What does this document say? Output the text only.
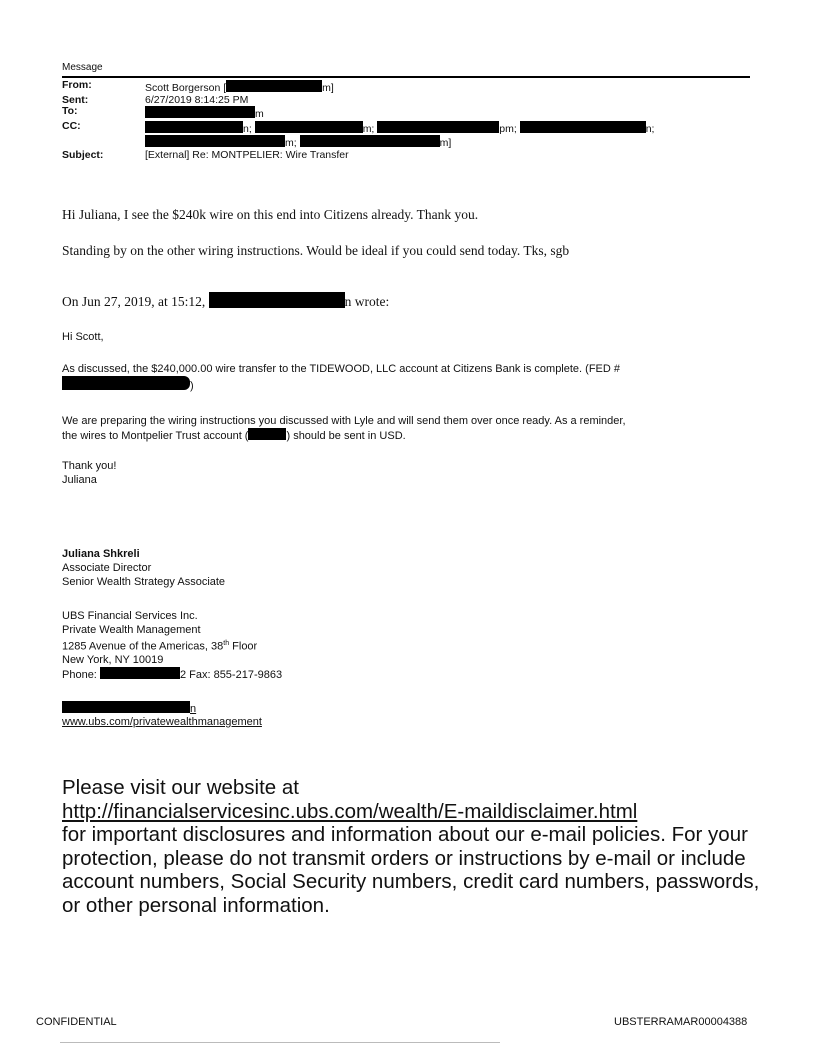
Message
From:	Scott Borgerson [	m]
Sent:	6/27/2019 8:14:25 PM
To:	m
CC:	n;	m;	pm;	n;
m;	m]
Subject:	[External] Re: MONTPELIER: Wire Transfer
Hi Juliana, I see the $240k wire on this end into Citizens already. Thank you.
Standing by on the other wiring instructions. Would be ideal if you could send today. Tks, sgb
On Jun 27, 2019, at 15:12,	n wrote:
Hi Scott,
As discussed, the $240,000.00 wire transfer to the TIDEWOOD, LLC account at Citizens Bank is complete. (FED #
)
We are preparing the wiring instructions you discussed with Lyle and will send them over once ready. As a reminder,
the wires to Montpelier Trust account (	) should be sent in USD.
Thank you!
Juliana
Juliana Shkreli
Associate Director
Senior Wealth Strategy Associate
UBS Financial Services Inc.
Private Wealth Management
1285 Avenue of the Americas, 38th Floor
New York, NY 10019
Phone:	2 Fax: 855-217-9863
n
www.ubs.com/privatewealthmanagement
Please visit our website at
http://financialservicesinc.ubs.com/wealth/E-maildisclaimer.html
for important disclosures and information about our e-mail policies. For your protection, please do not transmit orders or instructions by e-mail or include account numbers, Social Security numbers, credit card numbers, passwords, or other personal information.
CONFIDENTIAL	UBSTERRAMAR00004388
